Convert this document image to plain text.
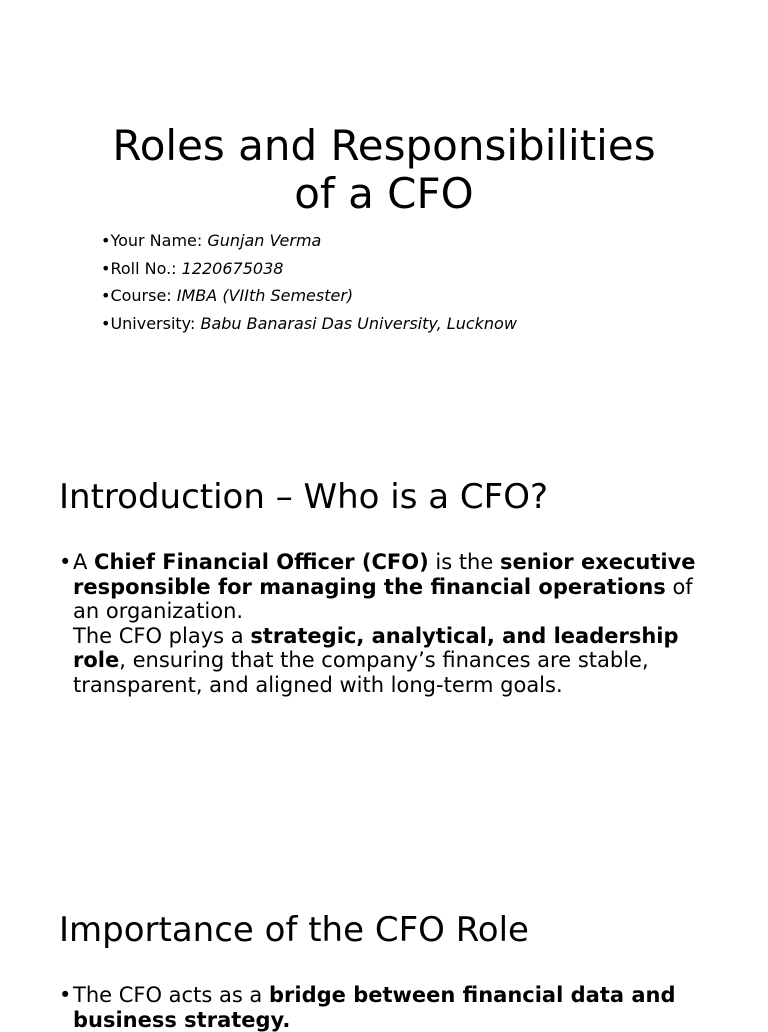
Roles and Responsibilities
of a CFO
•Your Name: Gunjan Verma
•Roll No.: 1220675038
•Course: IMBA (VIIth Semester)
•University: Babu Banarasi Das University, Lucknow
Introduction – Who is a CFO?
• A Chief Financial Officer (CFO) is the senior executive responsible for managing the financial operations of an organization.
The CFO plays a strategic, analytical, and leadership role, ensuring that the company’s finances are stable, transparent, and aligned with long-term goals.
Importance of the CFO Role
• The CFO acts as a bridge between financial data and business strategy.
